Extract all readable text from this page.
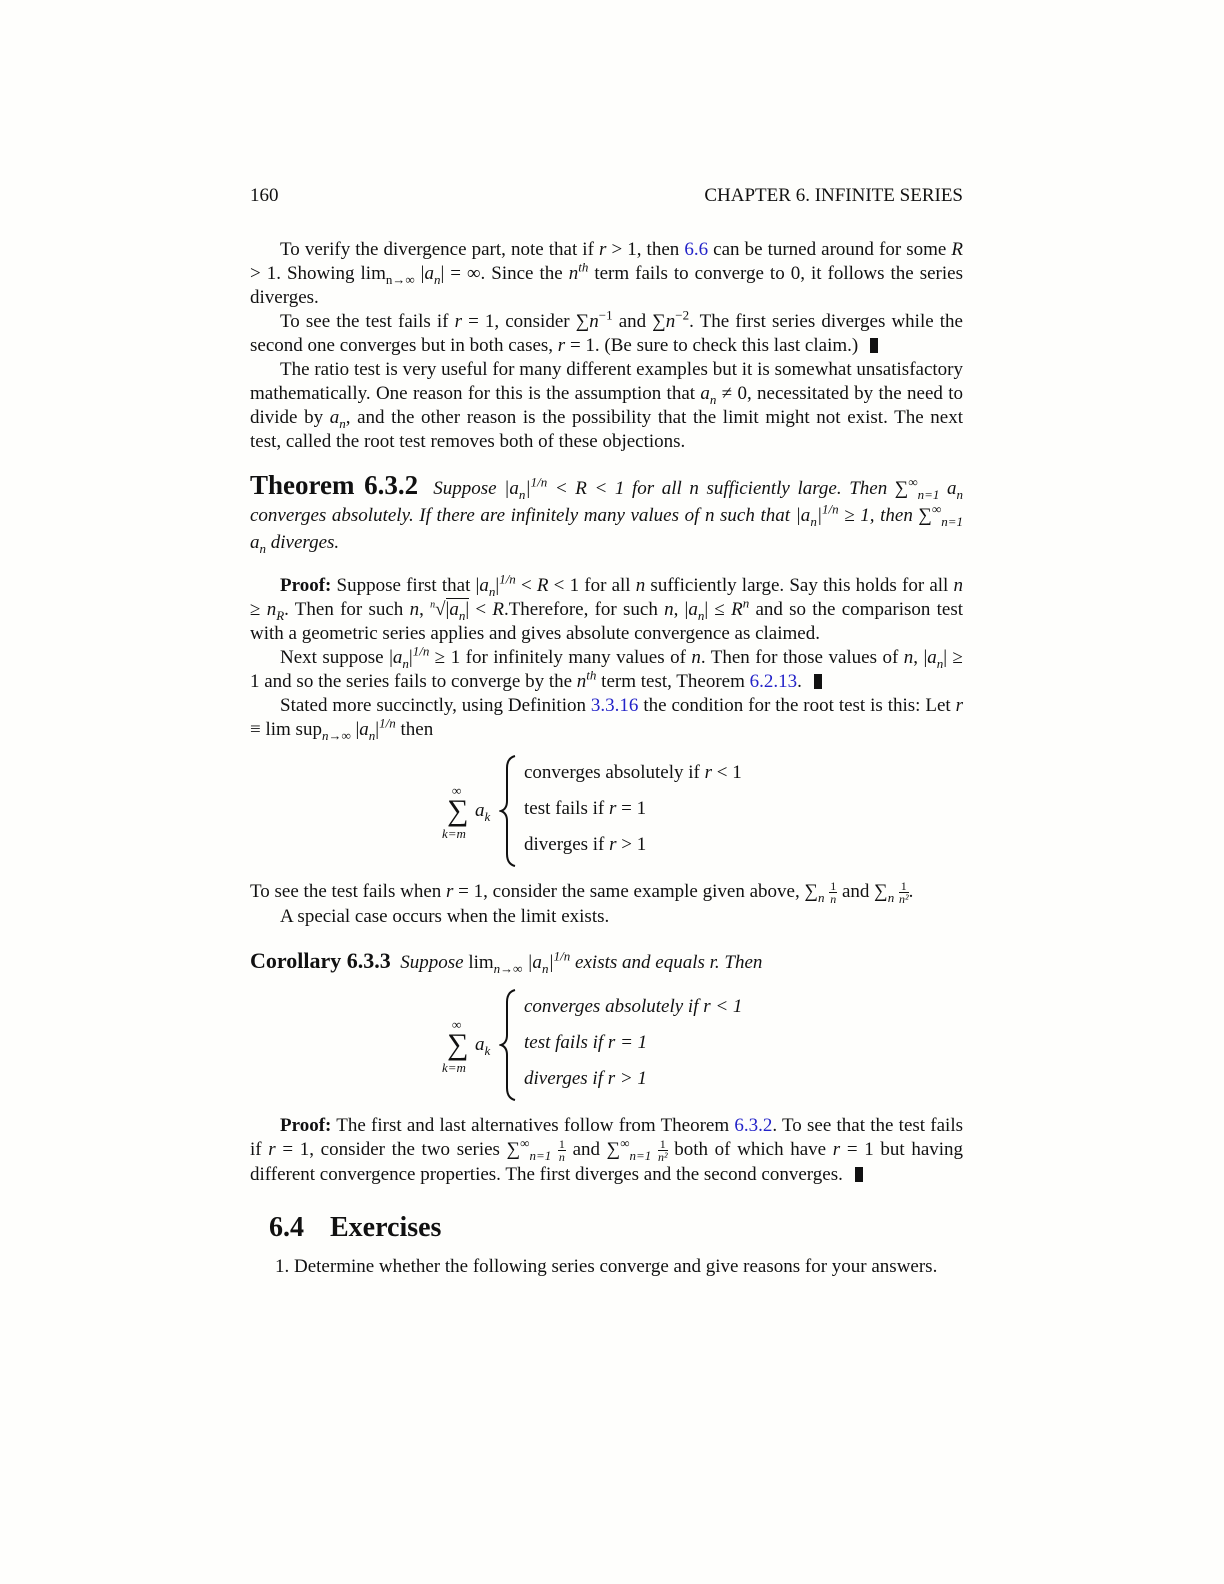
160	CHAPTER 6. INFINITE SERIES

To verify the divergence part, note that if r > 1, then 6.6 can be turned around for some R > 1. Showing $\lim_{n\to\infty} |a_n|$ = ∞. Since the $n^{th}$ term fails to converge to 0, it follows the series diverges.

To see the test fails if r = 1, consider $\sum n^{-1}$ and $\sum n^{-2}$. The first series diverges while the second one converges but in both cases, r = 1. (Be sure to check this last claim.)

The ratio test is very useful for many different examples but it is somewhat unsatisfactory mathematically. One reason for this is the assumption that $a_n \ne 0$, necessitated by the need to divide by $a_n$, and the other reason is the possibility that the limit might not exist. The next test, called the root test removes both of these objections.

Theorem 6.3.2  Suppose $|a_n|^{1/n} < R < 1$ for all n sufficiently large. Then $\sum^\infty_{n=1}$ $a_n$ converges absolutely. If there are infinitely many values of n such that $|a_n|^{1/n} \ge 1$, then $\sum^\infty_{n=1}$ $a_n$ diverges.

Proof: Suppose first that $|a_n|^{1/n} < R < 1$ for all n sufficiently large. Say this holds for all $n \ge n_R$. Then for such n, $^n√|a_n|$ < R.Therefore, for such n, $|a_n| \le R^n$ and so the comparison test with a geometric series applies and gives absolute convergence as claimed.

Next suppose $|a_n|^{1/n} \ge 1$ for infinitely many values of n. Then for those values of n, $|a_n| \ge 1$ and so the series fails to converge by the $n^{th}$ term test, Theorem 6.2.13.

Stated more succinctly, using Definition 3.3.16 the condition for the root test is this: Let r ≡ lim sup$_{n\to\infty}$ $|a_n|^{1/n}$ then

∞
∑
k=m
$a_k$
converges absolutely if r < 1
test fails if r = 1
diverges if r > 1

To see the test fails when r = 1, consider the same example given above, $\sum_n \frac{1}{n}$ and $\sum_n \frac{1}{\text{n²}}$ .

A special case occurs when the limit exists.

Corollary 6.3.3  Suppose $\lim_{n\to\infty} |a_n|^{1/n}$ exists and equals r. Then

∞
∑
k=m
$a_k$
converges absolutely if r < 1
test fails if r = 1
diverges if r > 1

Proof: The first and last alternatives follow from Theorem 6.3.2. To see that the test fails if r = 1, consider the two series $\sum^\infty_{n=1} \frac{1}{n}$ and $\sum^\infty_{n=1} \frac{1}{\text{n²}}$ both of which have r = 1 but having different convergence properties. The first diverges and the second converges.

6.4 Exercises

1. Determine whether the following series converge and give reasons for your answers.
